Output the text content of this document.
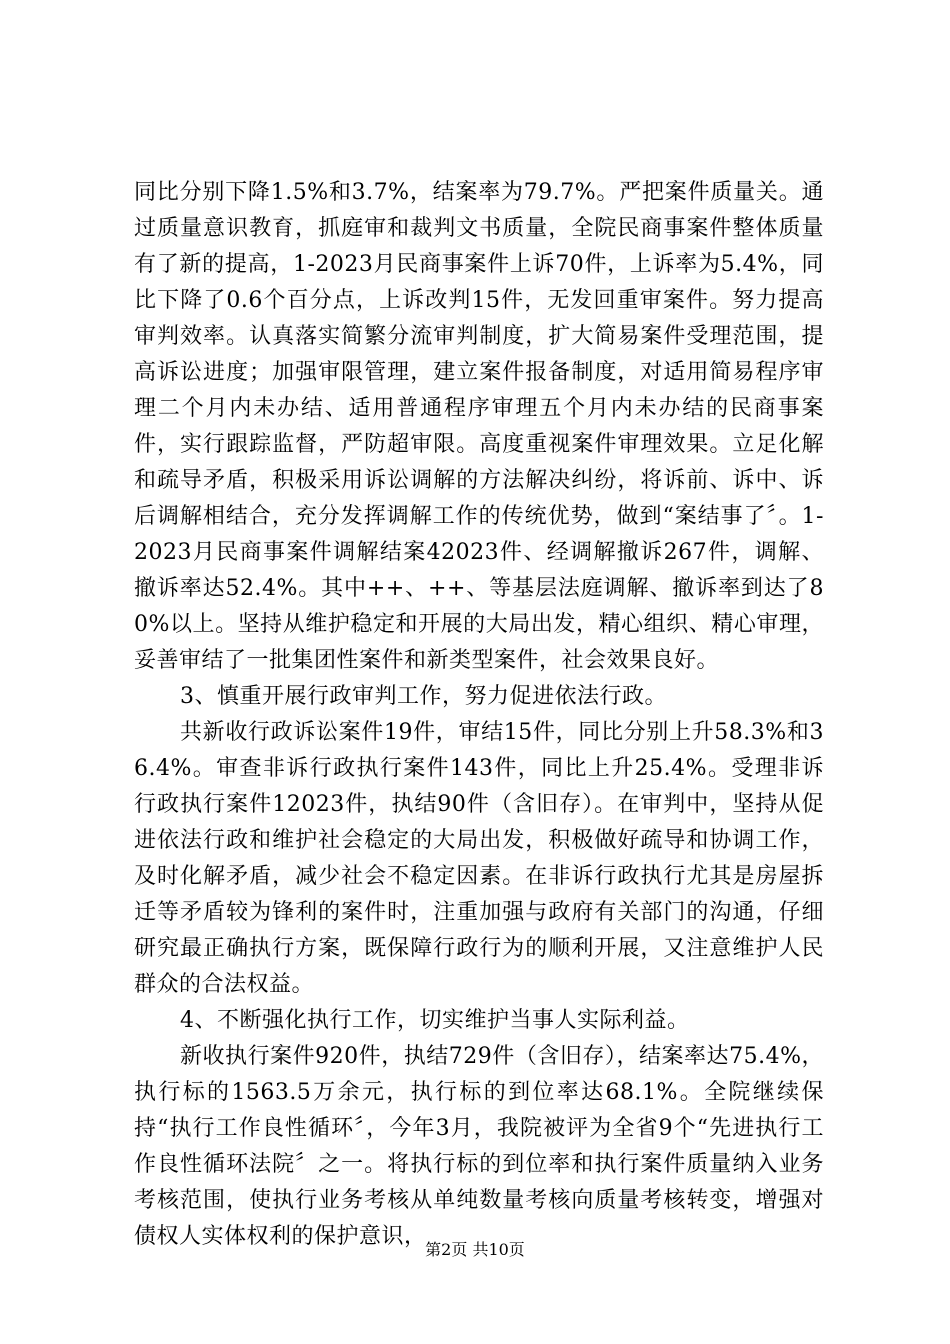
同比分别下降1.5%和3.7%，结案率为79.7%。严把案件质量关。通过质量意识教育，抓庭审和裁判文书质量，全院民商事案件整体质量有了新的提高，1-2023月民商事案件上诉70件，上诉率为5.4%，同比下降了0.6个百分点，上诉改判15件，无发回重审案件。努力提高审判效率。认真落实简繁分流审判制度，扩大简易案件受理范围，提高诉讼进度；加强审限管理，建立案件报备制度，对适用简易程序审理二个月内未办结、适用普通程序审理五个月内未办结的民商事案件，实行跟踪监督，严防超审限。高度重视案件审理效果。立足化解和疏导矛盾，积极采用诉讼调解的方法解决纠纷，将诉前、诉中、诉后调解相结合，充分发挥调解工作的传统优势，做到“案结事了〞。1-2023月民商事案件调解结案42023件、经调解撤诉267件，调解、撤诉率达52.4%。其中++、++、等基层法庭调解、撤诉率到达了80%以上。坚持从维护稳定和开展的大局出发，精心组织、精心审理，妥善审结了一批集团性案件和新类型案件，社会效果良好。

3、慎重开展行政审判工作，努力促进依法行政。

共新收行政诉讼案件19件，审结15件，同比分别上升58.3%和36.4%。审查非诉行政执行案件143件，同比上升25.4%。受理非诉行政执行案件12023件，执结90件（含旧存）。在审判中，坚持从促进依法行政和维护社会稳定的大局出发，积极做好疏导和协调工作，及时化解矛盾，减少社会不稳定因素。在非诉行政执行尤其是房屋拆迁等矛盾较为锋利的案件时，注重加强与政府有关部门的沟通，仔细研究最正确执行方案，既保障行政行为的顺利开展，又注意维护人民群众的合法权益。

4、不断强化执行工作，切实维护当事人实际利益。

新收执行案件920件，执结729件（含旧存），结案率达75.4%，执行标的1563.5万余元，执行标的到位率达68.1%。全院继续保持“执行工作良性循环〞，今年3月，我院被评为全省9个“先进执行工作良性循环法院〞之一。将执行标的到位率和执行案件质量纳入业务考核范围，使执行业务考核从单纯数量考核向质量考核转变，增强对债权人实体权利的保护意识，

第2页 共10页
